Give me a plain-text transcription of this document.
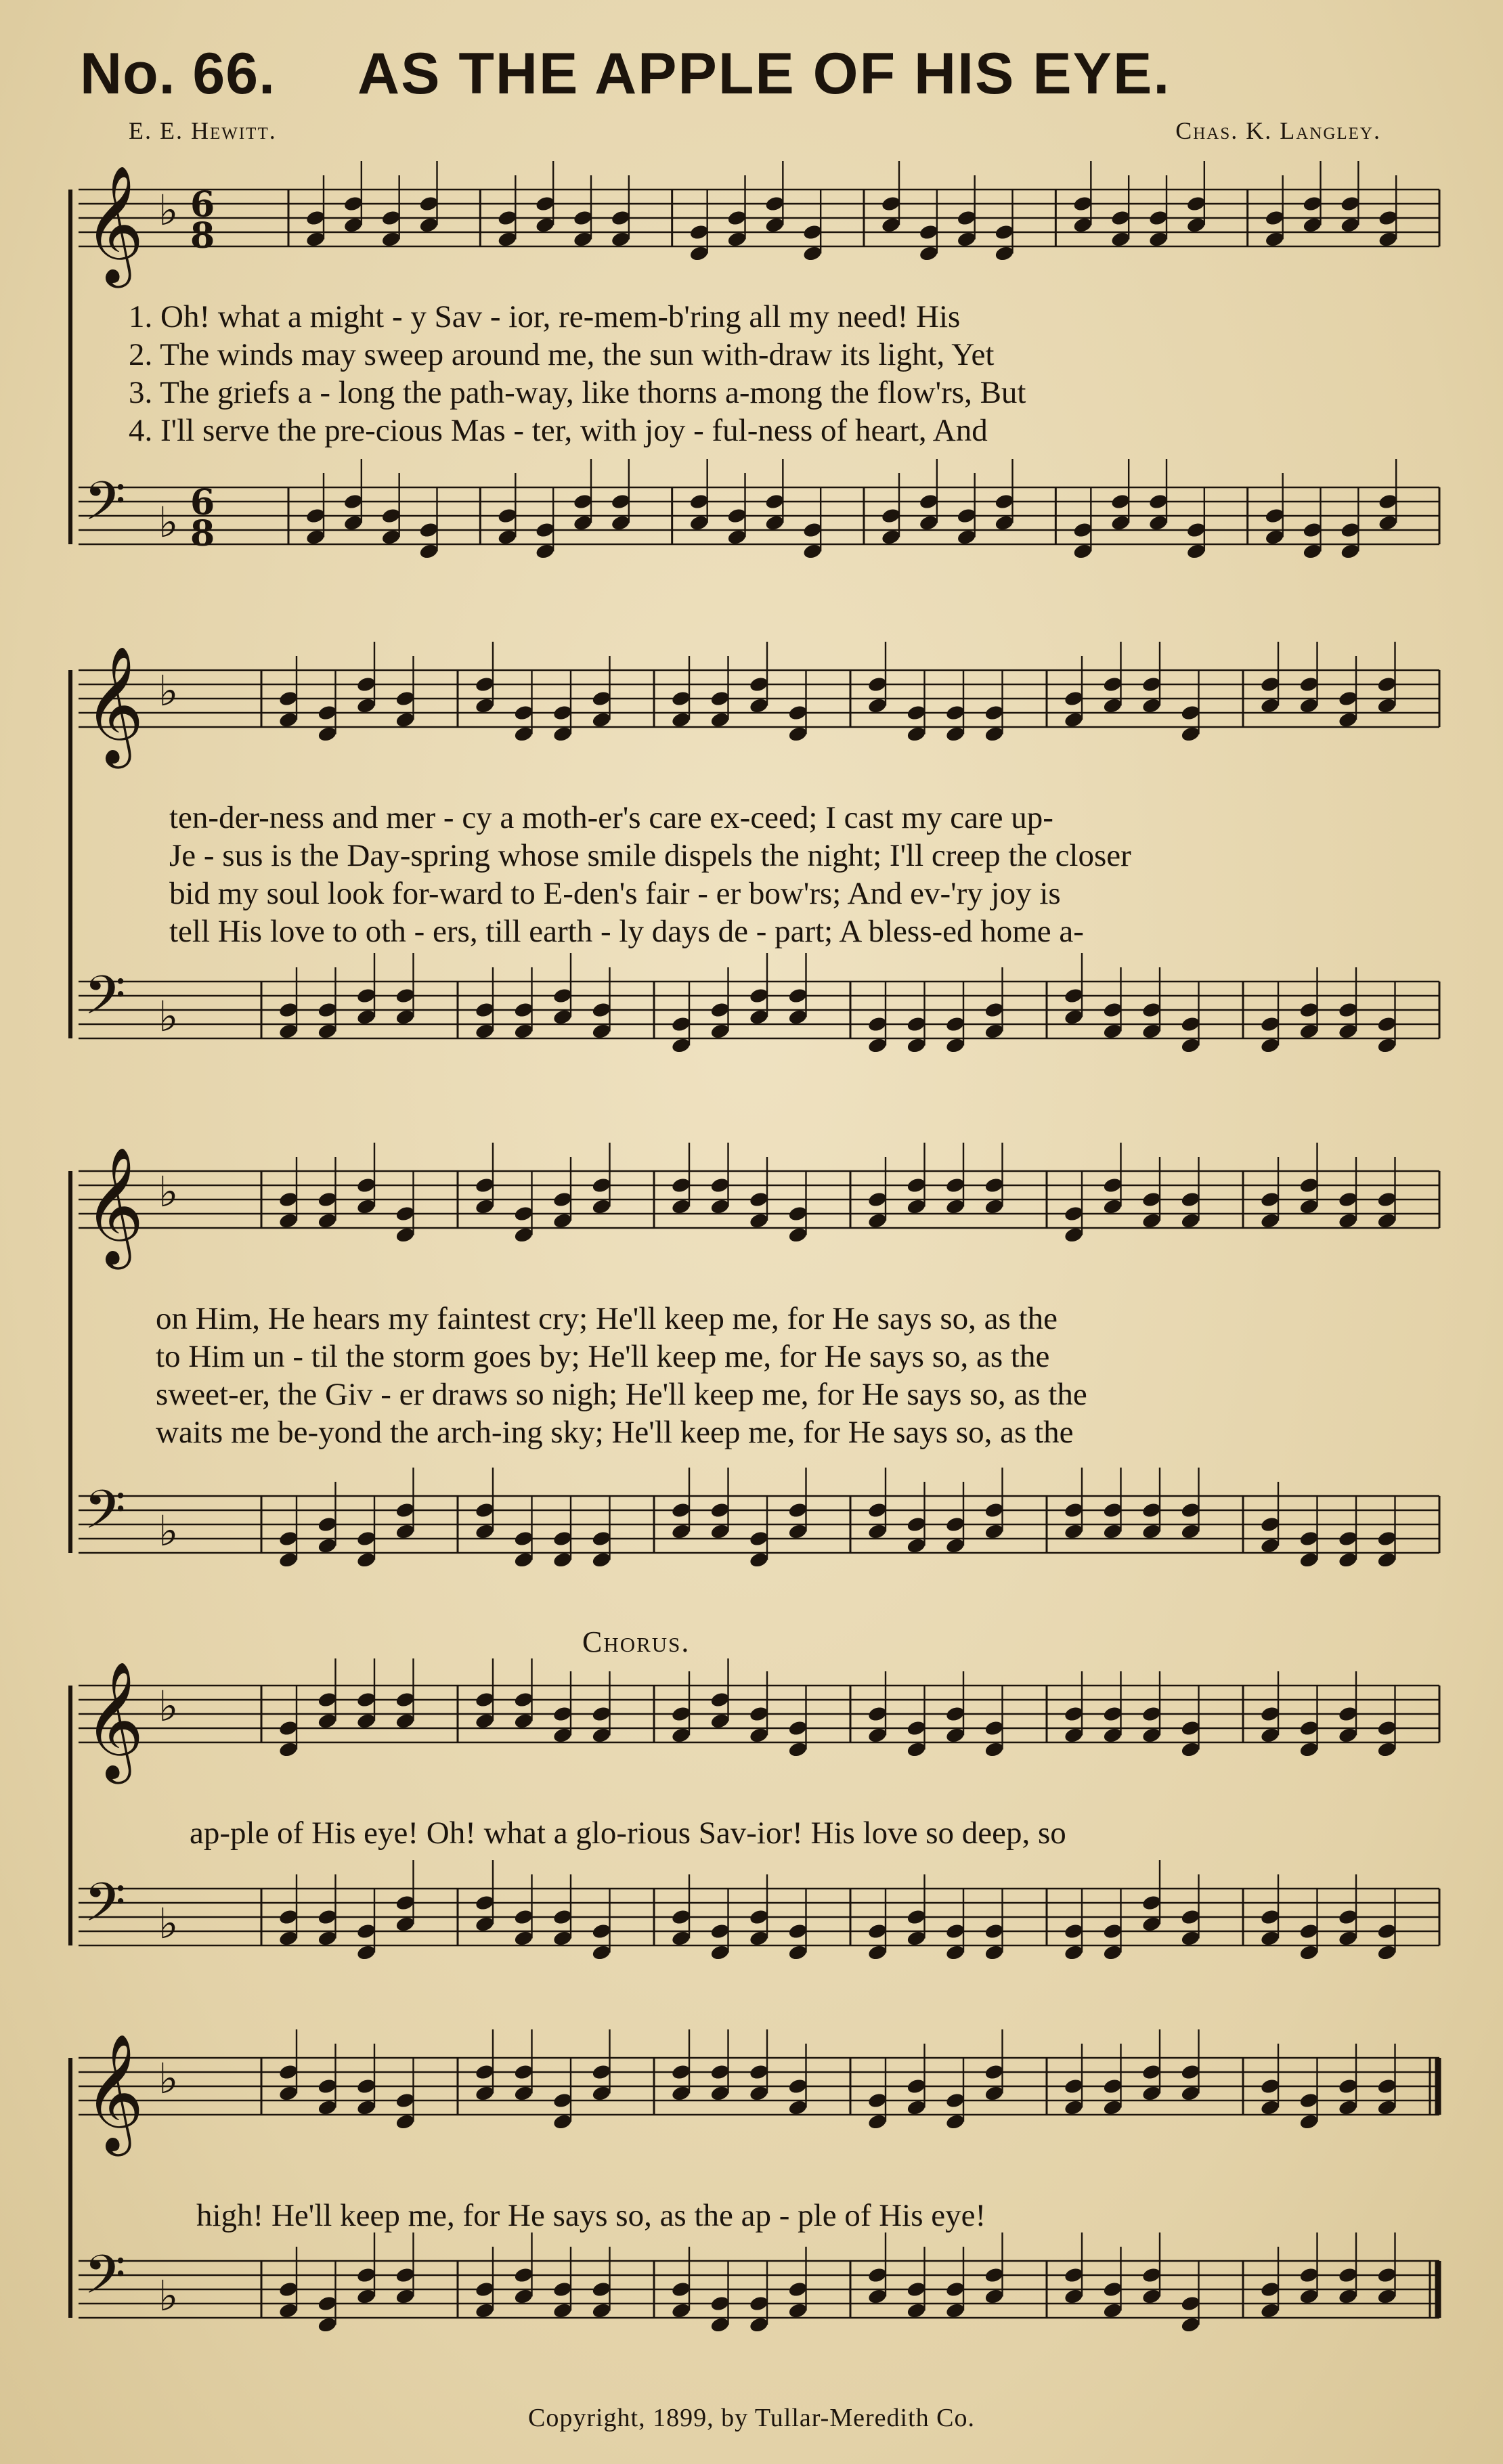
No. 66. AS THE APPLE OF HIS EYE.
E. E. Hewitt.	Chas. K. Langley.
𝄞 ♭ 6
8
𝄢 ♭ 6
8
1. Oh! what a might - y Sav - ior, re-mem-b'ring all my need! His
2. The winds may sweep around me, the sun with-draw its light, Yet
3. The griefs a - long the path-way, like thorns a-mong the flow'rs, But
4. I'll serve the pre-cious Mas - ter, with joy - ful-ness of heart, And
𝄞 ♭
𝄢 ♭
ten-der-ness and mer - cy a moth-er's care ex-ceed; I cast my care up-
Je - sus is the Day-spring whose smile dispels the night; I'll creep the closer
bid my soul look for-ward to E-den's fair - er bow'rs; And ev-'ry joy is
tell His love to oth - ers, till earth - ly days de - part; A bless-ed home a-
𝄞 ♭
𝄢 ♭
on Him, He hears my faintest cry; He'll keep me, for He says so, as the
to Him un - til the storm goes by; He'll keep me, for He says so, as the
sweet-er, the Giv - er draws so nigh; He'll keep me, for He says so, as the
waits me be-yond the arch-ing sky; He'll keep me, for He says so, as the
Chorus.
𝄞 ♭
𝄢 ♭
ap-ple of His eye! Oh! what a glo-rious Sav-ior! His love so deep, so
𝄞 ♭
𝄢 ♭
high! He'll keep me, for He says so, as the ap - ple of His eye!
Copyright, 1899, by Tullar-Meredith Co.
